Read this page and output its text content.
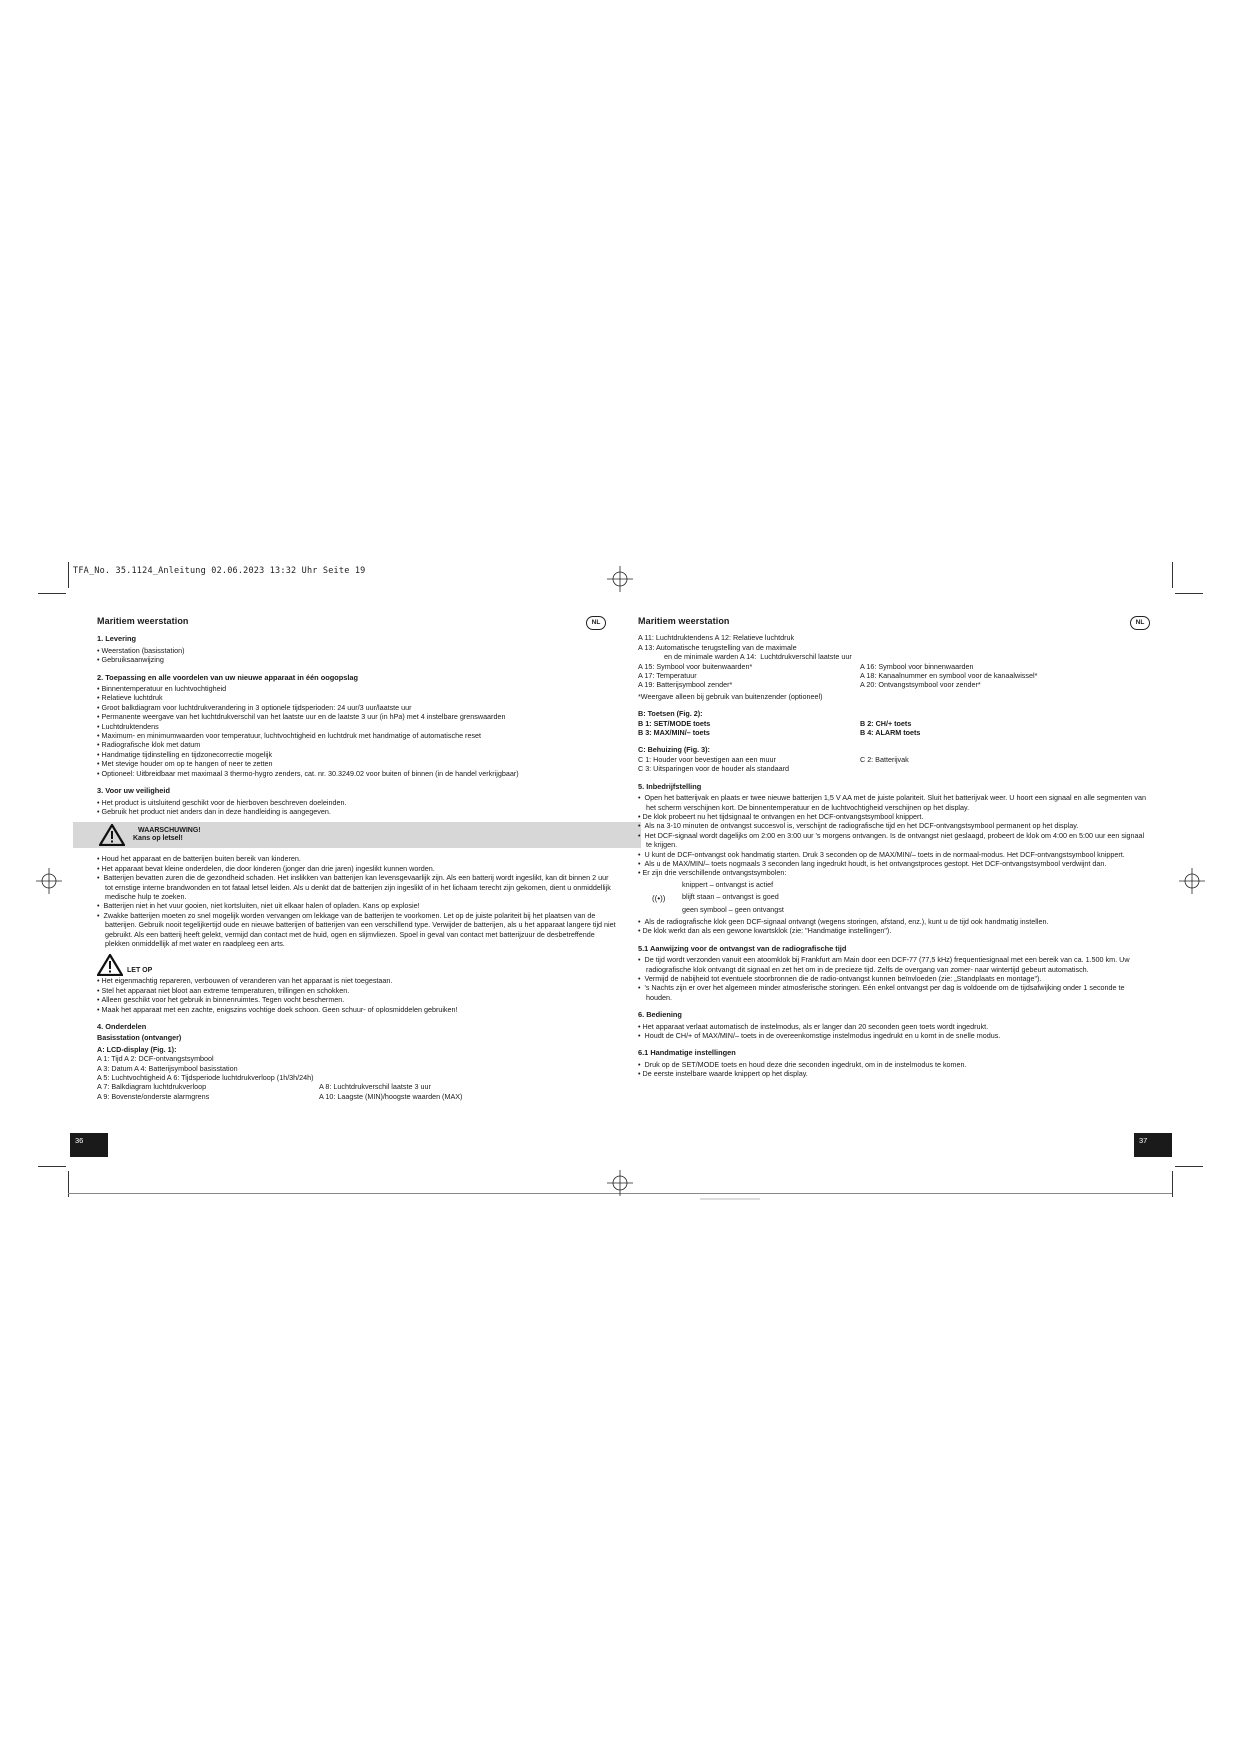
TFA_No. 35.1124_Anleitung 02.06.2023 13:32 Uhr Seite 19
Maritiem weerstation	NL
1. Levering
• Weerstation (basisstation)
• Gebruiksaanwijzing
2. Toepassing en alle voordelen van uw nieuwe apparaat in één oogopslag
• Binnentemperatuur en luchtvochtigheid
• Relatieve luchtdruk
• Groot balkdiagram voor luchtdrukverandering in 3 optionele tijdsperioden: 24 uur/3 uur/laatste uur
• Permanente weergave van het luchtdrukverschil van het laatste uur en de laatste 3 uur (in hPa) met 4 instelbare grenswaarden
• Luchtdruktendens
• Maximum- en minimumwaarden voor temperatuur, luchtvochtigheid en luchtdruk met handmatige of automatische reset
• Radiografische klok met datum
• Handmatige tijdinstelling en tijdzonecorrectie mogelijk
• Met stevige houder om op te hangen of neer te zetten
• Optioneel: Uitbreidbaar met maximaal 3 thermo-hygro zenders, cat. nr. 30.3249.02 voor buiten of binnen (in de handel verkrijgbaar)
3. Voor uw veiligheid
• Het product is uitsluitend geschikt voor de hierboven beschreven doeleinden.
• Gebruik het product niet anders dan in deze handleiding is aangegeven.
WAARSCHUWING!
Kans op letsel!
• Houd het apparaat en de batterijen buiten bereik van kinderen.
• Het apparaat bevat kleine onderdelen, die door kinderen (jonger dan drie jaren) ingeslikt kunnen worden.
•  Batterijen bevatten zuren die de gezondheid schaden. Het inslikken van batterijen kan levensgevaarlijk zijn. Als een batterij wordt ingeslikt, kan dit binnen 2 uur tot ernstige interne brandwonden en tot fataal letsel leiden. Als u denkt dat de batterijen zijn ingeslikt of in het lichaam terecht zijn gekomen, dient u onmiddellijk medische hulp te zoeken.
•  Batterijen niet in het vuur gooien, niet kortsluiten, niet uit elkaar halen of opladen. Kans op explosie!
•  Zwakke batterijen moeten zo snel mogelijk worden vervangen om lekkage van de batterijen te voorkomen. Let op de juiste polariteit bij het plaatsen van de batterijen. Gebruik nooit tegelijkertijd oude en nieuwe batterijen of batterijen van een verschillend type. Verwijder de batterijen, als u het apparaat langere tijd niet gebruikt. Als een batterij heeft gelekt, vermijd dan contact met de huid, ogen en slijmvliezen. Spoel in geval van contact met batterijzuur de desbetreffende plekken onmiddellijk af met water en raadpleeg een arts.
LET OP
• Het eigenmachtig repareren, verbouwen of veranderen van het apparaat is niet toegestaan.
• Stel het apparaat niet bloot aan extreme temperaturen, trillingen en schokken.
• Alleen geschikt voor het gebruik in binnenruimtes. Tegen vocht beschermen.
• Maak het apparaat met een zachte, enigszins vochtige doek schoon. Geen schuur- of oplosmiddelen gebruiken!
4. Onderdelen
Basisstation (ontvanger)
A: LCD-display (Fig. 1):
A 1: Tijd A 2: DCF-ontvangstsymbool
A 3: Datum A 4: Batterijsymbool basisstation
A 5: Luchtvochtigheid A 6: Tijdsperiode luchtdrukverloop (1h/3h/24h)
A 7: Balkdiagram luchtdrukverloop	A 8: Luchtdrukverschil laatste 3 uur
A 9: Bovenste/onderste alarmgrens	A 10: Laagste (MIN)/hoogste waarden (MAX)
36
Maritiem weerstation	NL
A 11: Luchtdruktendens A 12: Relatieve luchtdruk
A 13: Automatische terugstelling van de maximale
en de minimale warden A 14:  Luchtdrukverschil laatste uur
A 15: Symbool voor buitenwaarden*	A 16: Symbool voor binnenwaarden
A 17: Temperatuur	A 18: Kanaalnummer en symbool voor de kanaalwissel*
A 19: Batterijsymbool zender*	A 20: Ontvangstsymbool voor zender*
*Weergave alleen bij gebruik van buitenzender (optioneel)
B: Toetsen (Fig. 2):
B 1: SET/MODE toets	B 2: CH/+ toets
B 3: MAX/MIN/– toets	B 4: ALARM toets
C: Behuizing (Fig. 3):
C 1: Houder voor bevestigen aan een muur	C 2: Batterijvak
C 3: Uitsparingen voor de houder als standaard
5. Inbedrijfstelling
•  Open het batterijvak en plaats er twee nieuwe batterijen 1,5 V AA met de juiste polariteit. Sluit het batterijvak weer. U hoort een signaal en alle segmenten van het scherm verschijnen kort. De binnentemperatuur en de luchtvochtigheid verschijnen op het display.
• De klok probeert nu het tijdsignaal te ontvangen en het DCF-ontvangstsymbool knippert.
•  Als na 3-10 minuten de ontvangst succesvol is, verschijnt de radiografische tijd en het DCF-ontvangstsymbool permanent op het display.
•  Het DCF-signaal wordt dagelijks om 2:00 en 3:00 uur 's morgens ontvangen. Is de ontvangst niet geslaagd, probeert de klok om 4:00 en 5:00 uur een signaal te krijgen.
•  U kunt de DCF-ontvangst ook handmatig starten. Druk 3 seconden op de MAX/MIN/– toets in de normaal-modus. Het DCF-ontvangstsymbool knippert.
•  Als u de MAX/MIN/– toets nogmaals 3 seconden lang ingedrukt houdt, is het ontvangstproces gestopt. Het DCF-ontvangstsymbool verdwijnt dan.
• Er zijn drie verschillende ontvangstsymbolen:
((•))
knippert – ontvangst is actief
blijft staan – ontvangst is goed
geen symbool – geen ontvangst
•  Als de radiografische klok geen DCF-signaal ontvangt (wegens storingen, afstand, enz.), kunt u de tijd ook handmatig instellen.
• De klok werkt dan als een gewone kwartsklok (zie: "Handmatige instellingen").
5.1 Aanwijzing voor de ontvangst van de radiografische tijd
•  De tijd wordt verzonden vanuit een atoomklok bij Frankfurt am Main door een DCF-77 (77,5 kHz) frequentiesignaal met een bereik van ca. 1.500 km. Uw radiografische klok ontvangt dit signaal en zet het om in de precieze tijd. Zelfs de overgang van zomer- naar wintertijd gebeurt automatisch.
•  Vermijd de nabijheid tot eventuele stoorbronnen die de radio-ontvangst kunnen beïnvloeden (zie: „Standplaats en montage").
•  's Nachts zijn er over het algemeen minder atmosferische storingen. Eén enkel ontvangst per dag is voldoende om de tijdsafwijking onder 1 seconde te houden.
6. Bediening
• Het apparaat verlaat automatisch de instelmodus, als er langer dan 20 seconden geen toets wordt ingedrukt.
•  Houdt de CH/+ of MAX/MIN/– toets in de overeenkomstige instelmodus ingedrukt en u komt in de snelle modus.
6.1 Handmatige instellingen
•  Druk op de SET/MODE toets en houd deze drie seconden ingedrukt, om in de instelmodus te komen.
• De eerste instelbare waarde knippert op het display.
37
